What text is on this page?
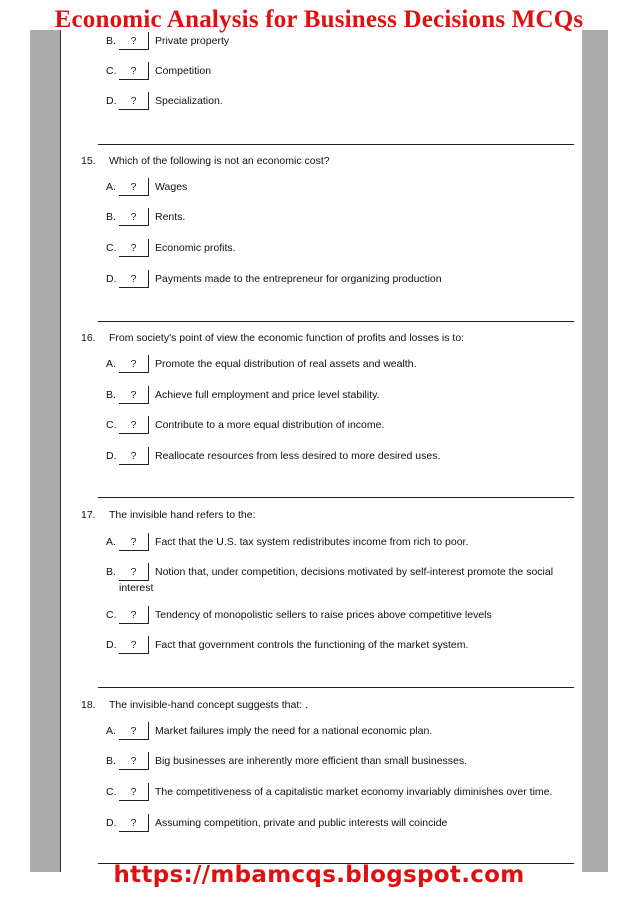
Economic Analysis for Business Decisions MCQs
B.	?	Private property
C.	?	Competition
D.	?	Specialization.
15. Which of the following is not an economic cost?
A.	?	Wages
B.	?	Rents.
C.	?	Economic profits.
D.	?	Payments made to the entrepreneur for organizing production
16. From society's point of view the economic function of profits and losses is to:
A.	?	Promote the equal distribution of real assets and wealth.
B.	?	Achieve full employment and price level stability.
C.	?	Contribute to a more equal distribution of income.
D.	?	Reallocate resources from less desired to more desired uses.
17. The invisible hand refers to the:
A.	?	Fact that the U.S. tax system redistributes income from rich to poor.
B.	?	Notion that, under competition, decisions motivated by self-interest promote the social
interest
C.	?	Tendency of monopolistic sellers to raise prices above competitive levels
D.	?	Fact that government controls the functioning of the market system.
18. The invisible-hand concept suggests that: .
A.	?	Market failures imply the need for a national economic plan.
B.	?	Big businesses are inherently more efficient than small businesses.
C.	?	The competitiveness of a capitalistic market economy invariably diminishes over time.
D.	?	Assuming competition, private and public interests will coincide
https://mbamcqs.blogspot.com
